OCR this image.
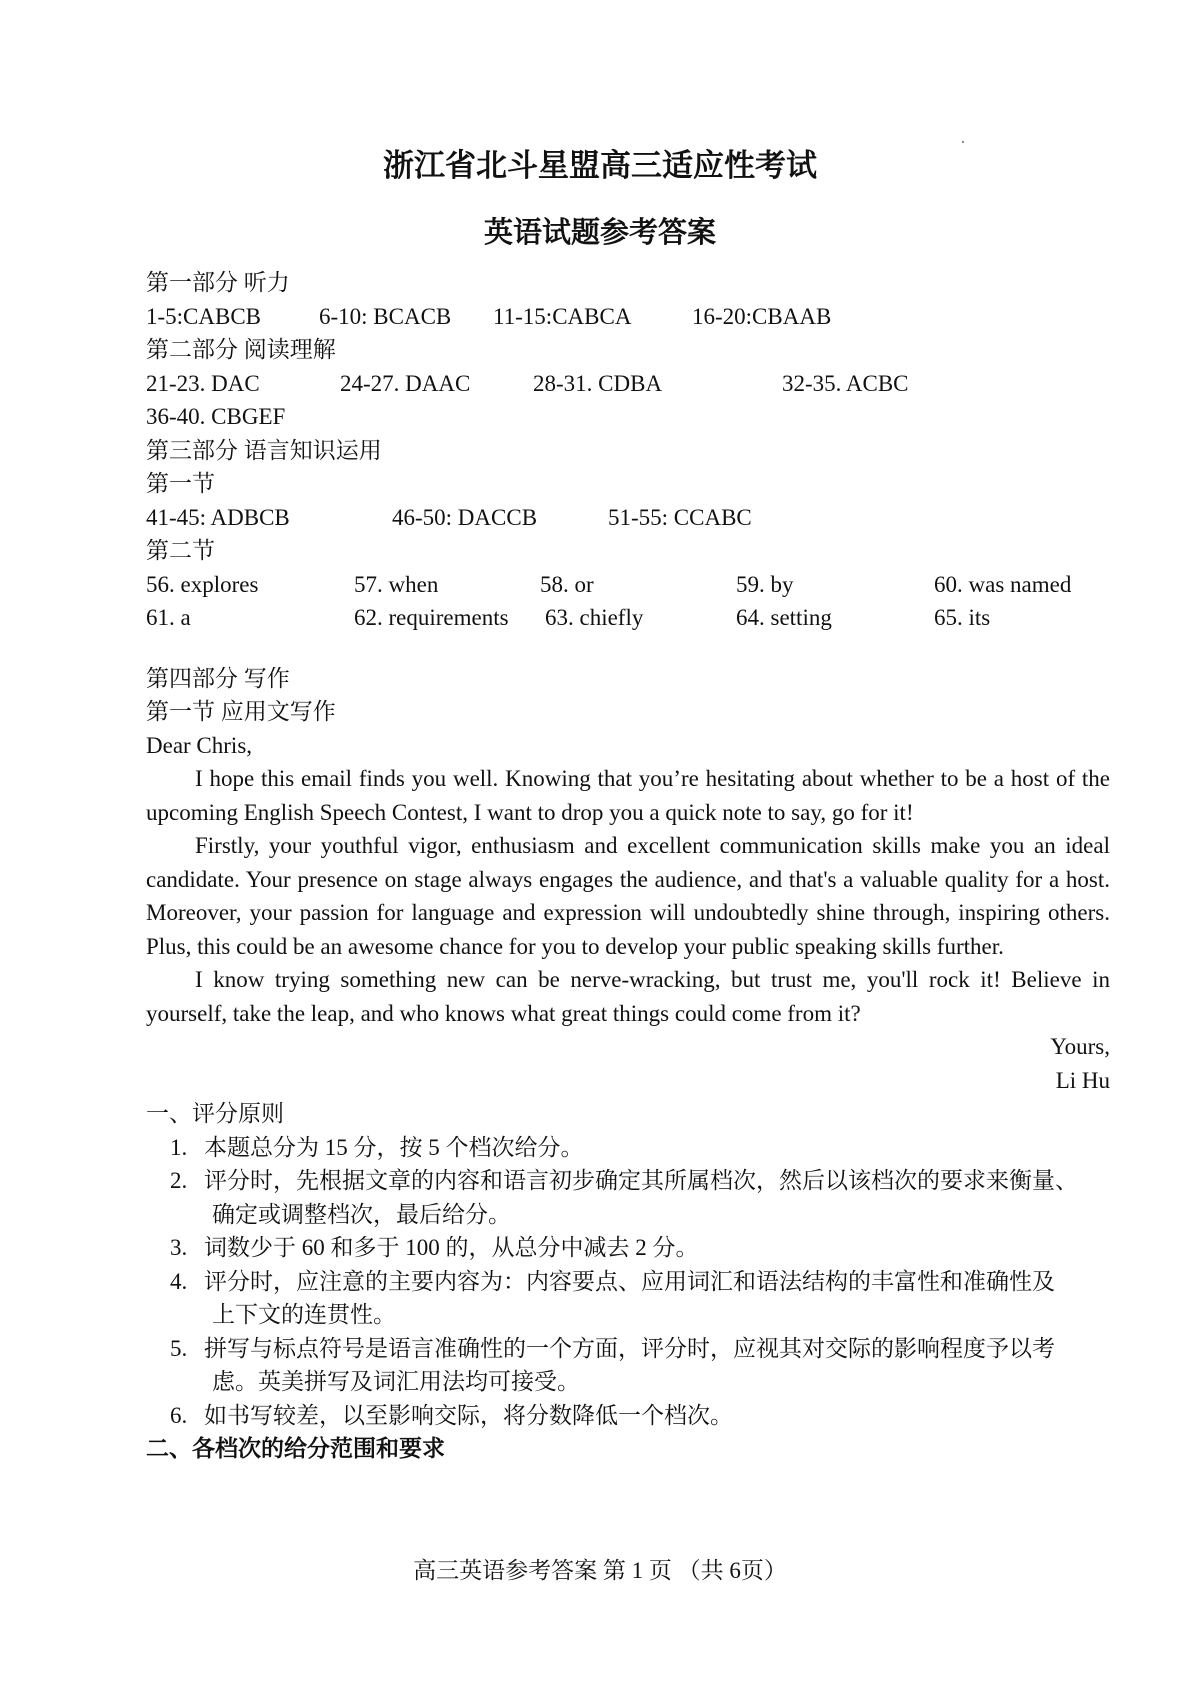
浙江省北斗星盟高三适应性考试
英语试题参考答案
第一部分 听力
1-5:CABCB	6-10: BCACB 11-15:CABCA	16-20:CBAAB
第二部分 阅读理解
21-23. DAC	24-27. DAAC	28-31. CDBA	32-35. ACBC
36-40. CBGEF
第三部分 语言知识运用
第一节
41-45: ADBCB	46-50: DACCB	51-55: CCABC
第二节
56. explores	57. when	58. or	59. by	60. was named
61. a	62. requirements 63. chiefly	64. setting	65. its
第四部分 写作
第一节 应用文写作
Dear Chris,

I hope this email finds you well. Knowing that you’re hesitating about whether to be a host of the upcoming English Speech Contest, I want to drop you a quick note to say, go for it!

Firstly, your youthful vigor, enthusiasm and excellent communication skills make you an ideal candidate. Your presence on stage always engages the audience, and that's a valuable quality for a host. Moreover, your passion for language and expression will undoubtedly shine through, inspiring others. Plus, this could be an awesome chance for you to develop your public speaking skills further.

I know trying something new can be nerve-wracking, but trust me, you'll rock it! Believe in yourself, take the leap, and who knows what great things could come from it?

Yours,
Li Hu
一、评分原则
1. 本题总分为 15 分，按 5 个档次给分。
2. 评分时，先根据文章的内容和语言初步确定其所属档次，然后以该档次的要求来衡量、
确定或调整档次，最后给分。
3. 词数少于 60 和多于 100 的，从总分中减去 2 分。
4. 评分时，应注意的主要内容为：内容要点、应用词汇和语法结构的丰富性和准确性及
上下文的连贯性。
5. 拼写与标点符号是语言准确性的一个方面，评分时，应视其对交际的影响程度予以考
虑。英美拼写及词汇用法均可接受。
6. 如书写较差，以至影响交际，将分数降低一个档次。
二、各档次的给分范围和要求
高三英语参考答案 第 1 页 （共 6页）
